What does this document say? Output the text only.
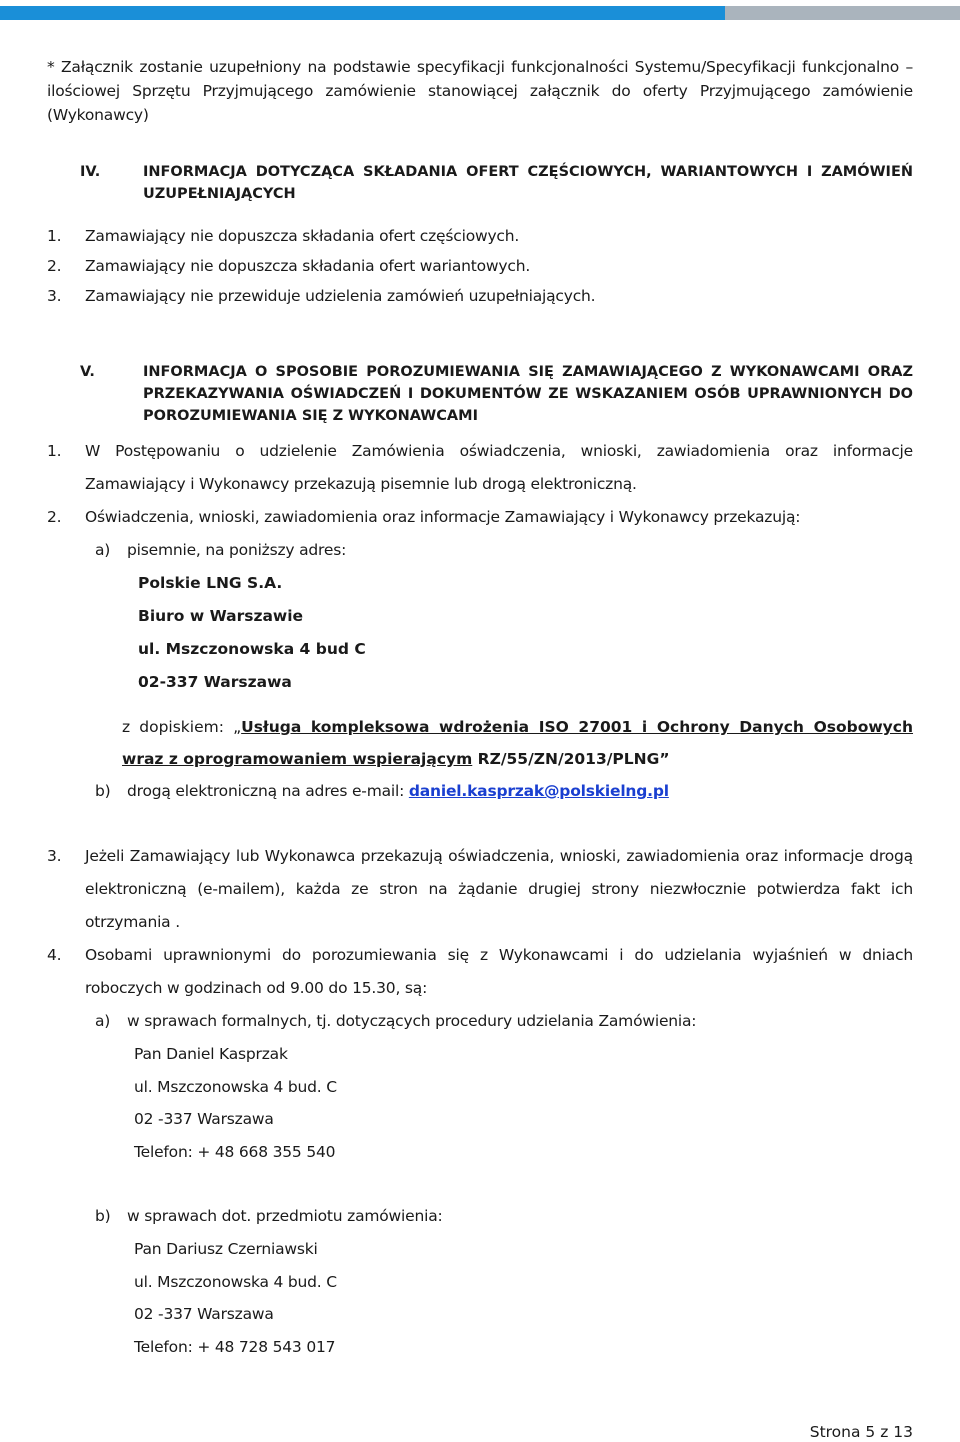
* Załącznik zostanie uzupełniony na podstawie specyfikacji funkcjonalności Systemu/Specyfikacji funkcjonalno – ilościowej Sprzętu Przyjmującego zamówienie stanowiącej załącznik do oferty Przyjmującego zamówienie (Wykonawcy)
IV.	INFORMACJA DOTYCZĄCA SKŁADANIA OFERT CZĘŚCIOWYCH, WARIANTOWYCH I ZAMÓWIEŃ UZUPEŁNIAJĄCYCH
1.	Zamawiający nie dopuszcza składania ofert częściowych.
2.	Zamawiający nie dopuszcza składania ofert wariantowych.
3.	Zamawiający nie przewiduje udzielenia zamówień uzupełniających.
V.	INFORMACJA O SPOSOBIE POROZUMIEWANIA SIĘ ZAMAWIAJĄCEGO Z WYKONAWCAMI ORAZ PRZEKAZYWANIA OŚWIADCZEŃ I DOKUMENTÓW ZE WSKAZANIEM OSÓB UPRAWNIONYCH DO POROZUMIEWANIA SIĘ Z WYKONAWCAMI
1.	W Postępowaniu o udzielenie Zamówienia oświadczenia, wnioski, zawiadomienia oraz informacje Zamawiający i Wykonawcy przekazują pisemnie lub drogą elektroniczną.
2.	Oświadczenia, wnioski, zawiadomienia oraz informacje Zamawiający i Wykonawcy przekazują:
a)	pisemnie, na poniższy adres:
Polskie LNG S.A.
Biuro w Warszawie
ul. Mszczonowska 4 bud C
02-337 Warszawa
z dopiskiem: „Usługa kompleksowa wdrożenia ISO 27001 i Ochrony Danych Osobowych wraz z oprogramowaniem wspierającym RZ/55/ZN/2013/PLNG”
b)	drogą elektroniczną na adres e-mail: daniel.kasprzak@polskielng.pl
3.	Jeżeli Zamawiający lub Wykonawca przekazują oświadczenia, wnioski, zawiadomienia oraz informacje drogą elektroniczną (e-mailem), każda ze stron na żądanie drugiej strony niezwłocznie potwierdza fakt ich otrzymania .
4.	Osobami uprawnionymi do porozumiewania się z Wykonawcami i do udzielania wyjaśnień w dniach roboczych w godzinach od 9.00 do 15.30, są:
a)	w sprawach formalnych, tj. dotyczących procedury udzielania Zamówienia:
Pan Daniel Kasprzak
ul. Mszczonowska 4 bud. C
02 -337 Warszawa
Telefon: + 48 668 355 540
b)	w sprawach dot. przedmiotu zamówienia:
Pan Dariusz Czerniawski
ul. Mszczonowska 4 bud. C
02 -337 Warszawa
Telefon: + 48 728 543 017
Strona 5 z 13
